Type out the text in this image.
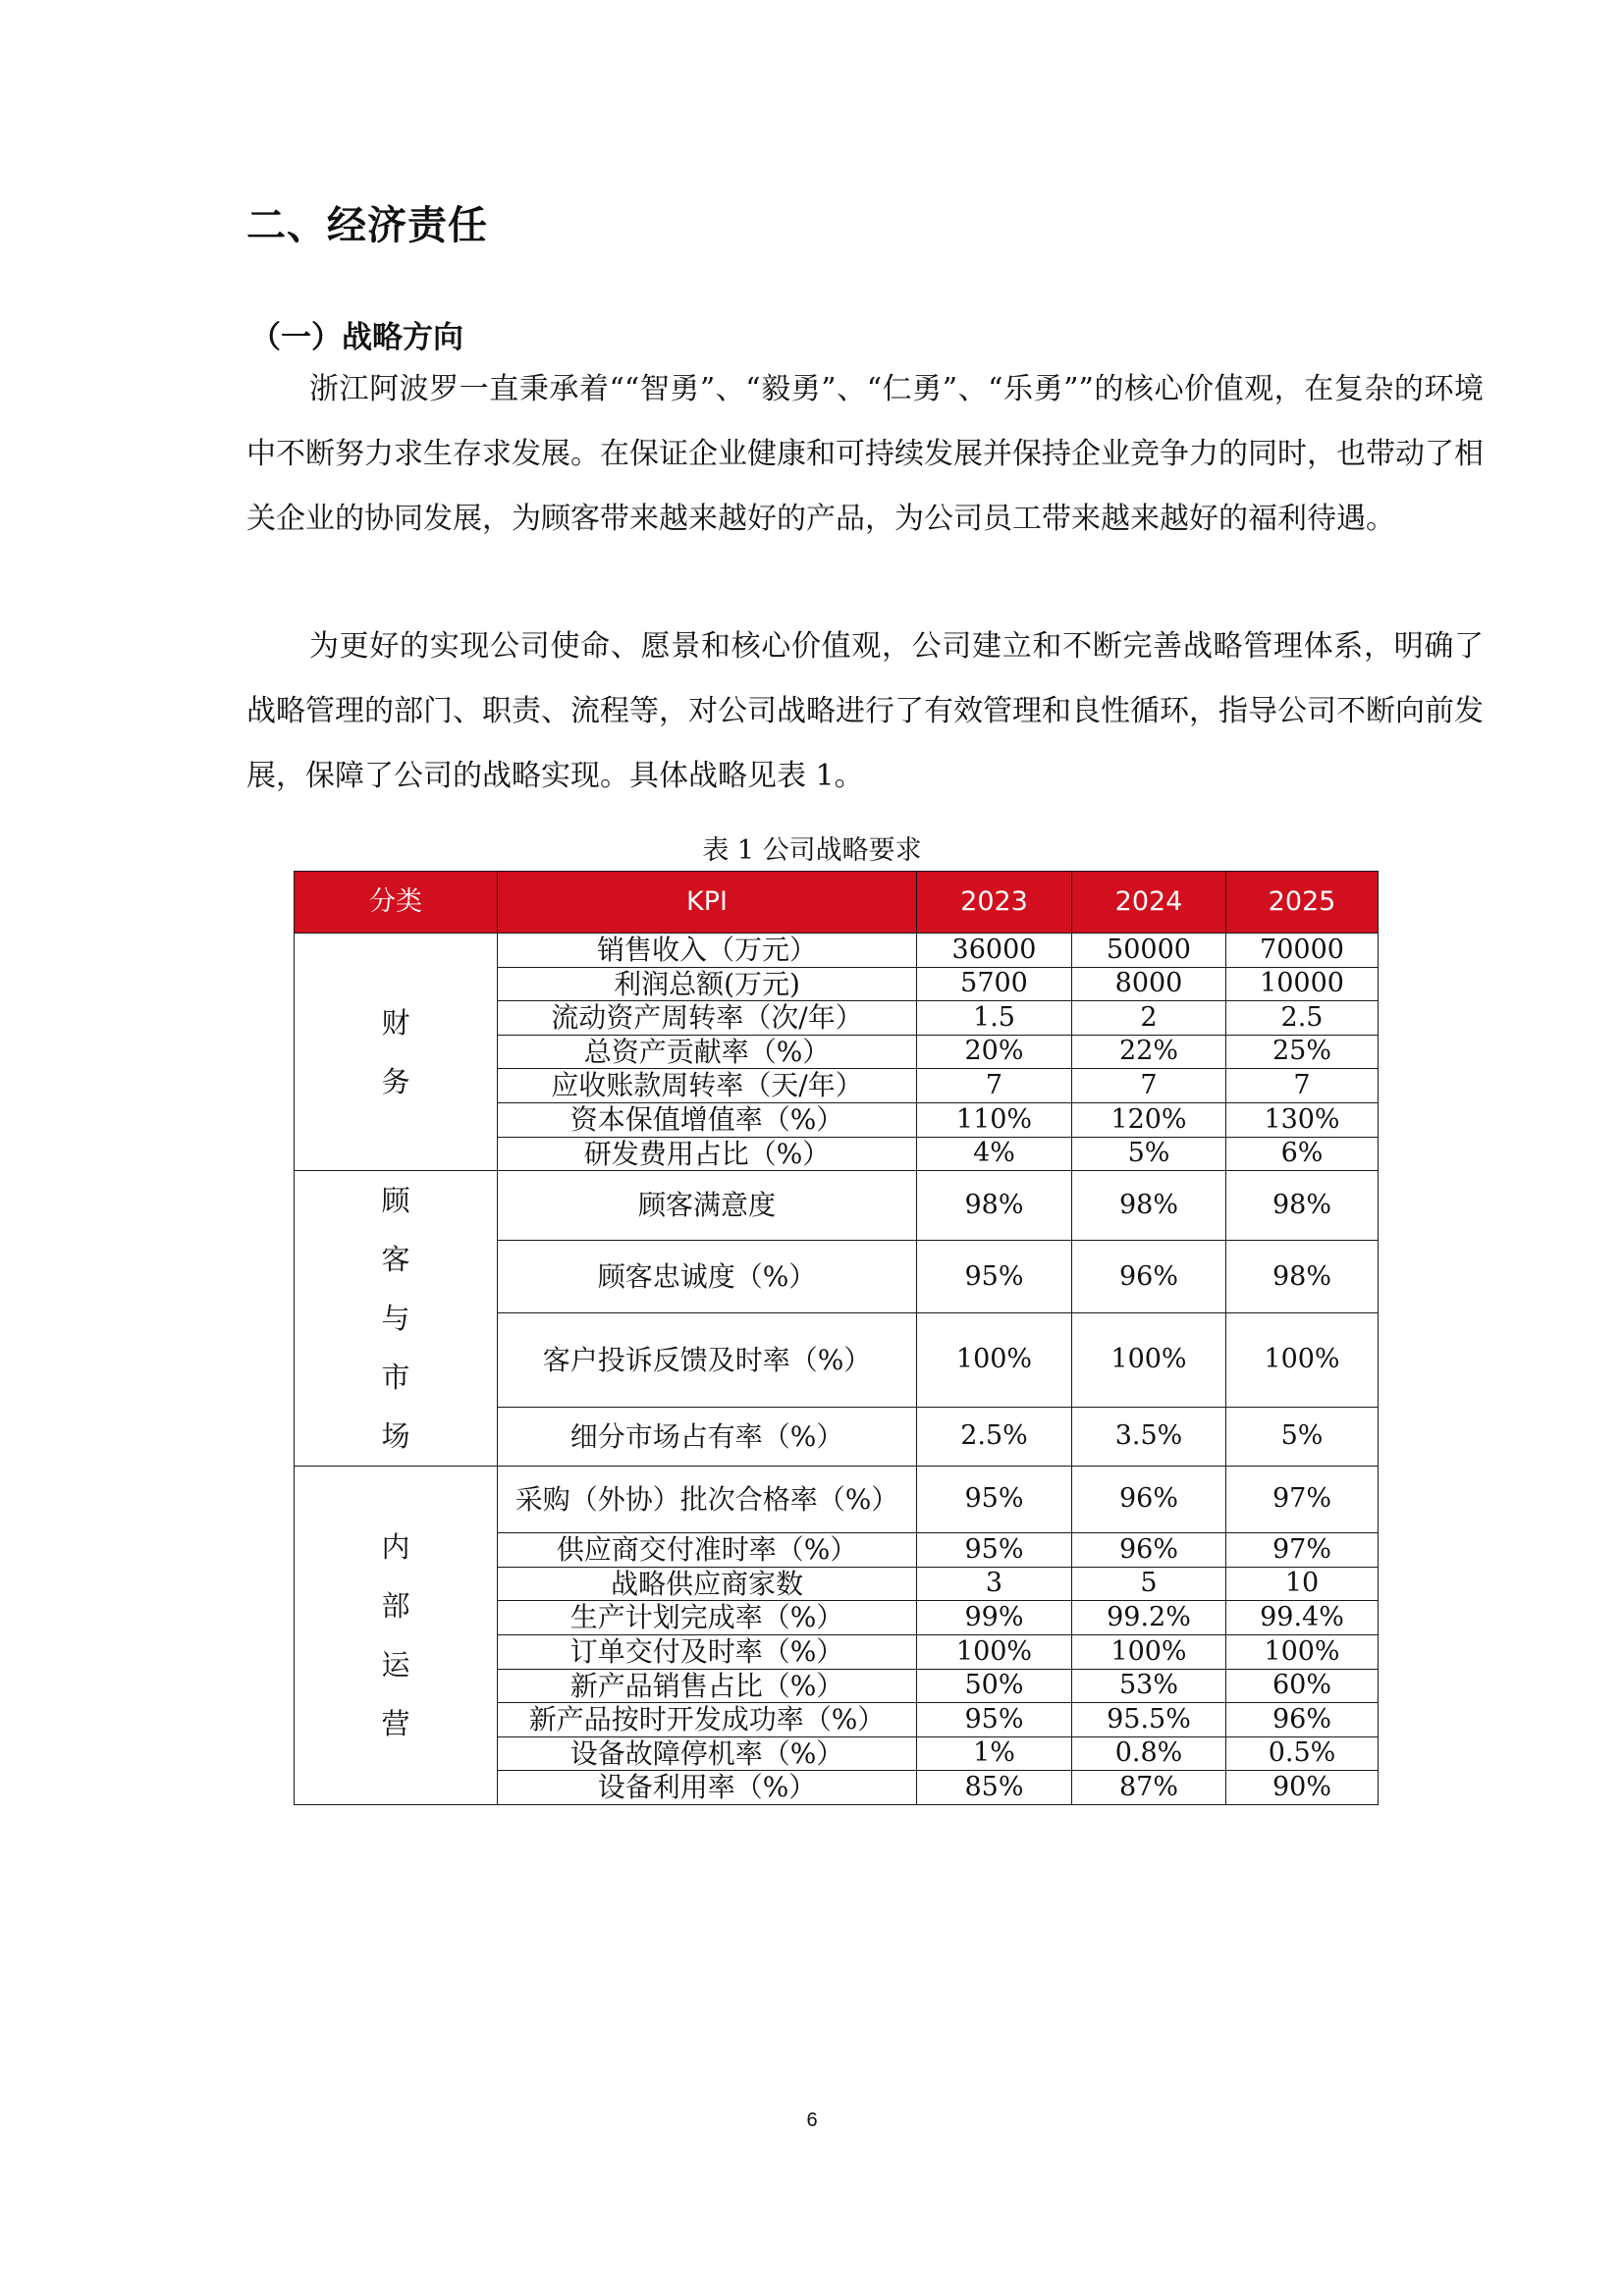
二、经济责任
（一）战略方向

浙江阿波罗一直秉承着““智勇”、“毅勇”、“仁勇”、“乐勇””的核心价值观，在复杂的环境中不断努力求生存求发展。在保证企业健康和可持续发展并保持企业竞争力的同时，也带动了相关企业的协同发展，为顾客带来越来越好的产品，为公司员工带来越来越好的福利待遇。

为更好的实现公司使命、愿景和核心价值观，公司建立和不断完善战略管理体系，明确了战略管理的部门、职责、流程等，对公司战略进行了有效管理和良性循环，指导公司不断向前发展，保障了公司的战略实现。具体战略见表 1。

表 1 公司战略要求
分类	KPI	2023	2024	2025

财
务	销售收入（万元）	36000	50000	70000
	利润总额(万元)	5700	8000	10000
	流动资产周转率（次/年）	1.5	2	2.5
	总资产贡献率（%）	20%	22%	25%
	应收账款周转率（天/年）	7	7	7
	资本保值增值率（%）	110%	120%	130%
	研发费用占比（%）	4%	5%	6%

顾
客
与
市
场	顾客满意度	98%	98%	98%
	顾客忠诚度（%）	95%	96%	98%
	客户投诉反馈及时率（%）	100%	100%	100%
	细分市场占有率（%）	2.5%	3.5%	5%

内
部
运
营	采购（外协）批次合格率（%）	95%	96%	97%
	供应商交付准时率（%）	95%	96%	97%
	战略供应商家数	3	5	10
	生产计划完成率（%）	99%	99.2%	99.4%
	订单交付及时率（%）	100%	100%	100%
	新产品销售占比（%）	50%	53%	60%
	新产品按时开发成功率（%）	95%	95.5%	96%
	设备故障停机率（%）	1%	0.8%	0.5%
	设备利用率（%）	85%	87%	90%
6
